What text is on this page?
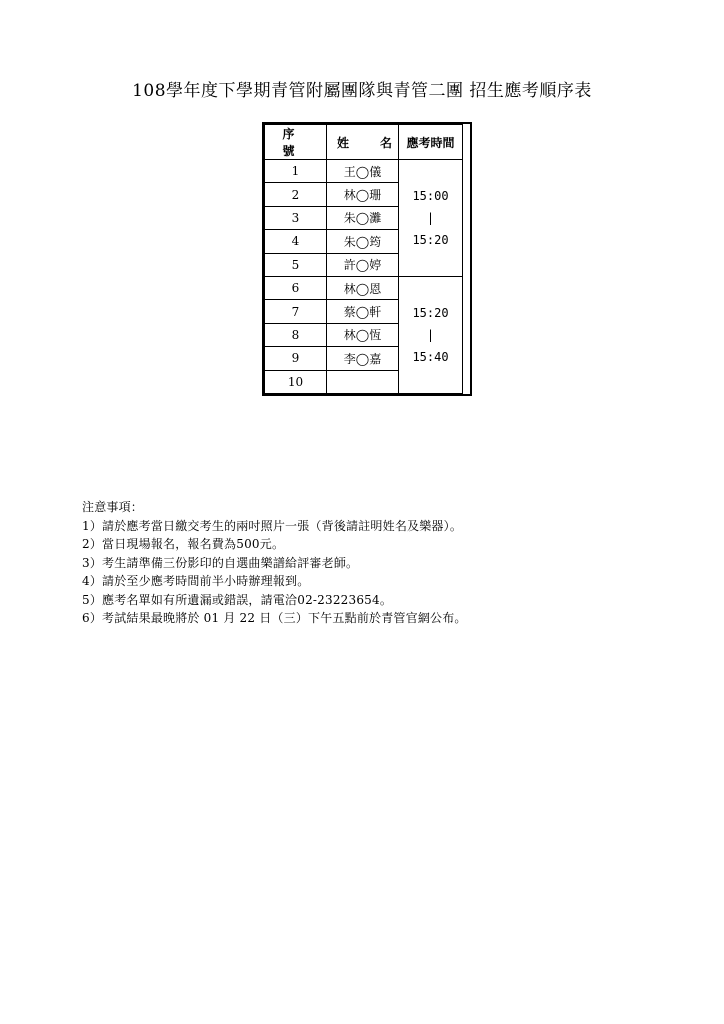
108學年度下學期青管附屬團隊與青管二團 招生應考順序表
序 號	姓 名	應考時間
1	王◯儀	15:00
|
15:20

2	林◯珊	
3	朱◯灘	
4	朱◯筠	
5	許◯婷	
6	林◯恩	15:20
|
15:40

7	蔡◯軒	
8	林◯恆	
9	李◯嘉	
10		
注意事項：
1）請於應考當日繳交考生的兩吋照片一張（背後請註明姓名及樂器）。
2）當日現場報名，報名費為500元。
3）考生請準備三份影印的自選曲樂譜給評審老師。
4）請於至少應考時間前半小時辦理報到。
5）應考名單如有所遺漏或錯誤，請電洽02-23223654。
6）考試結果最晚將於 01 月 22 日（三）下午五點前於青管官網公布。
